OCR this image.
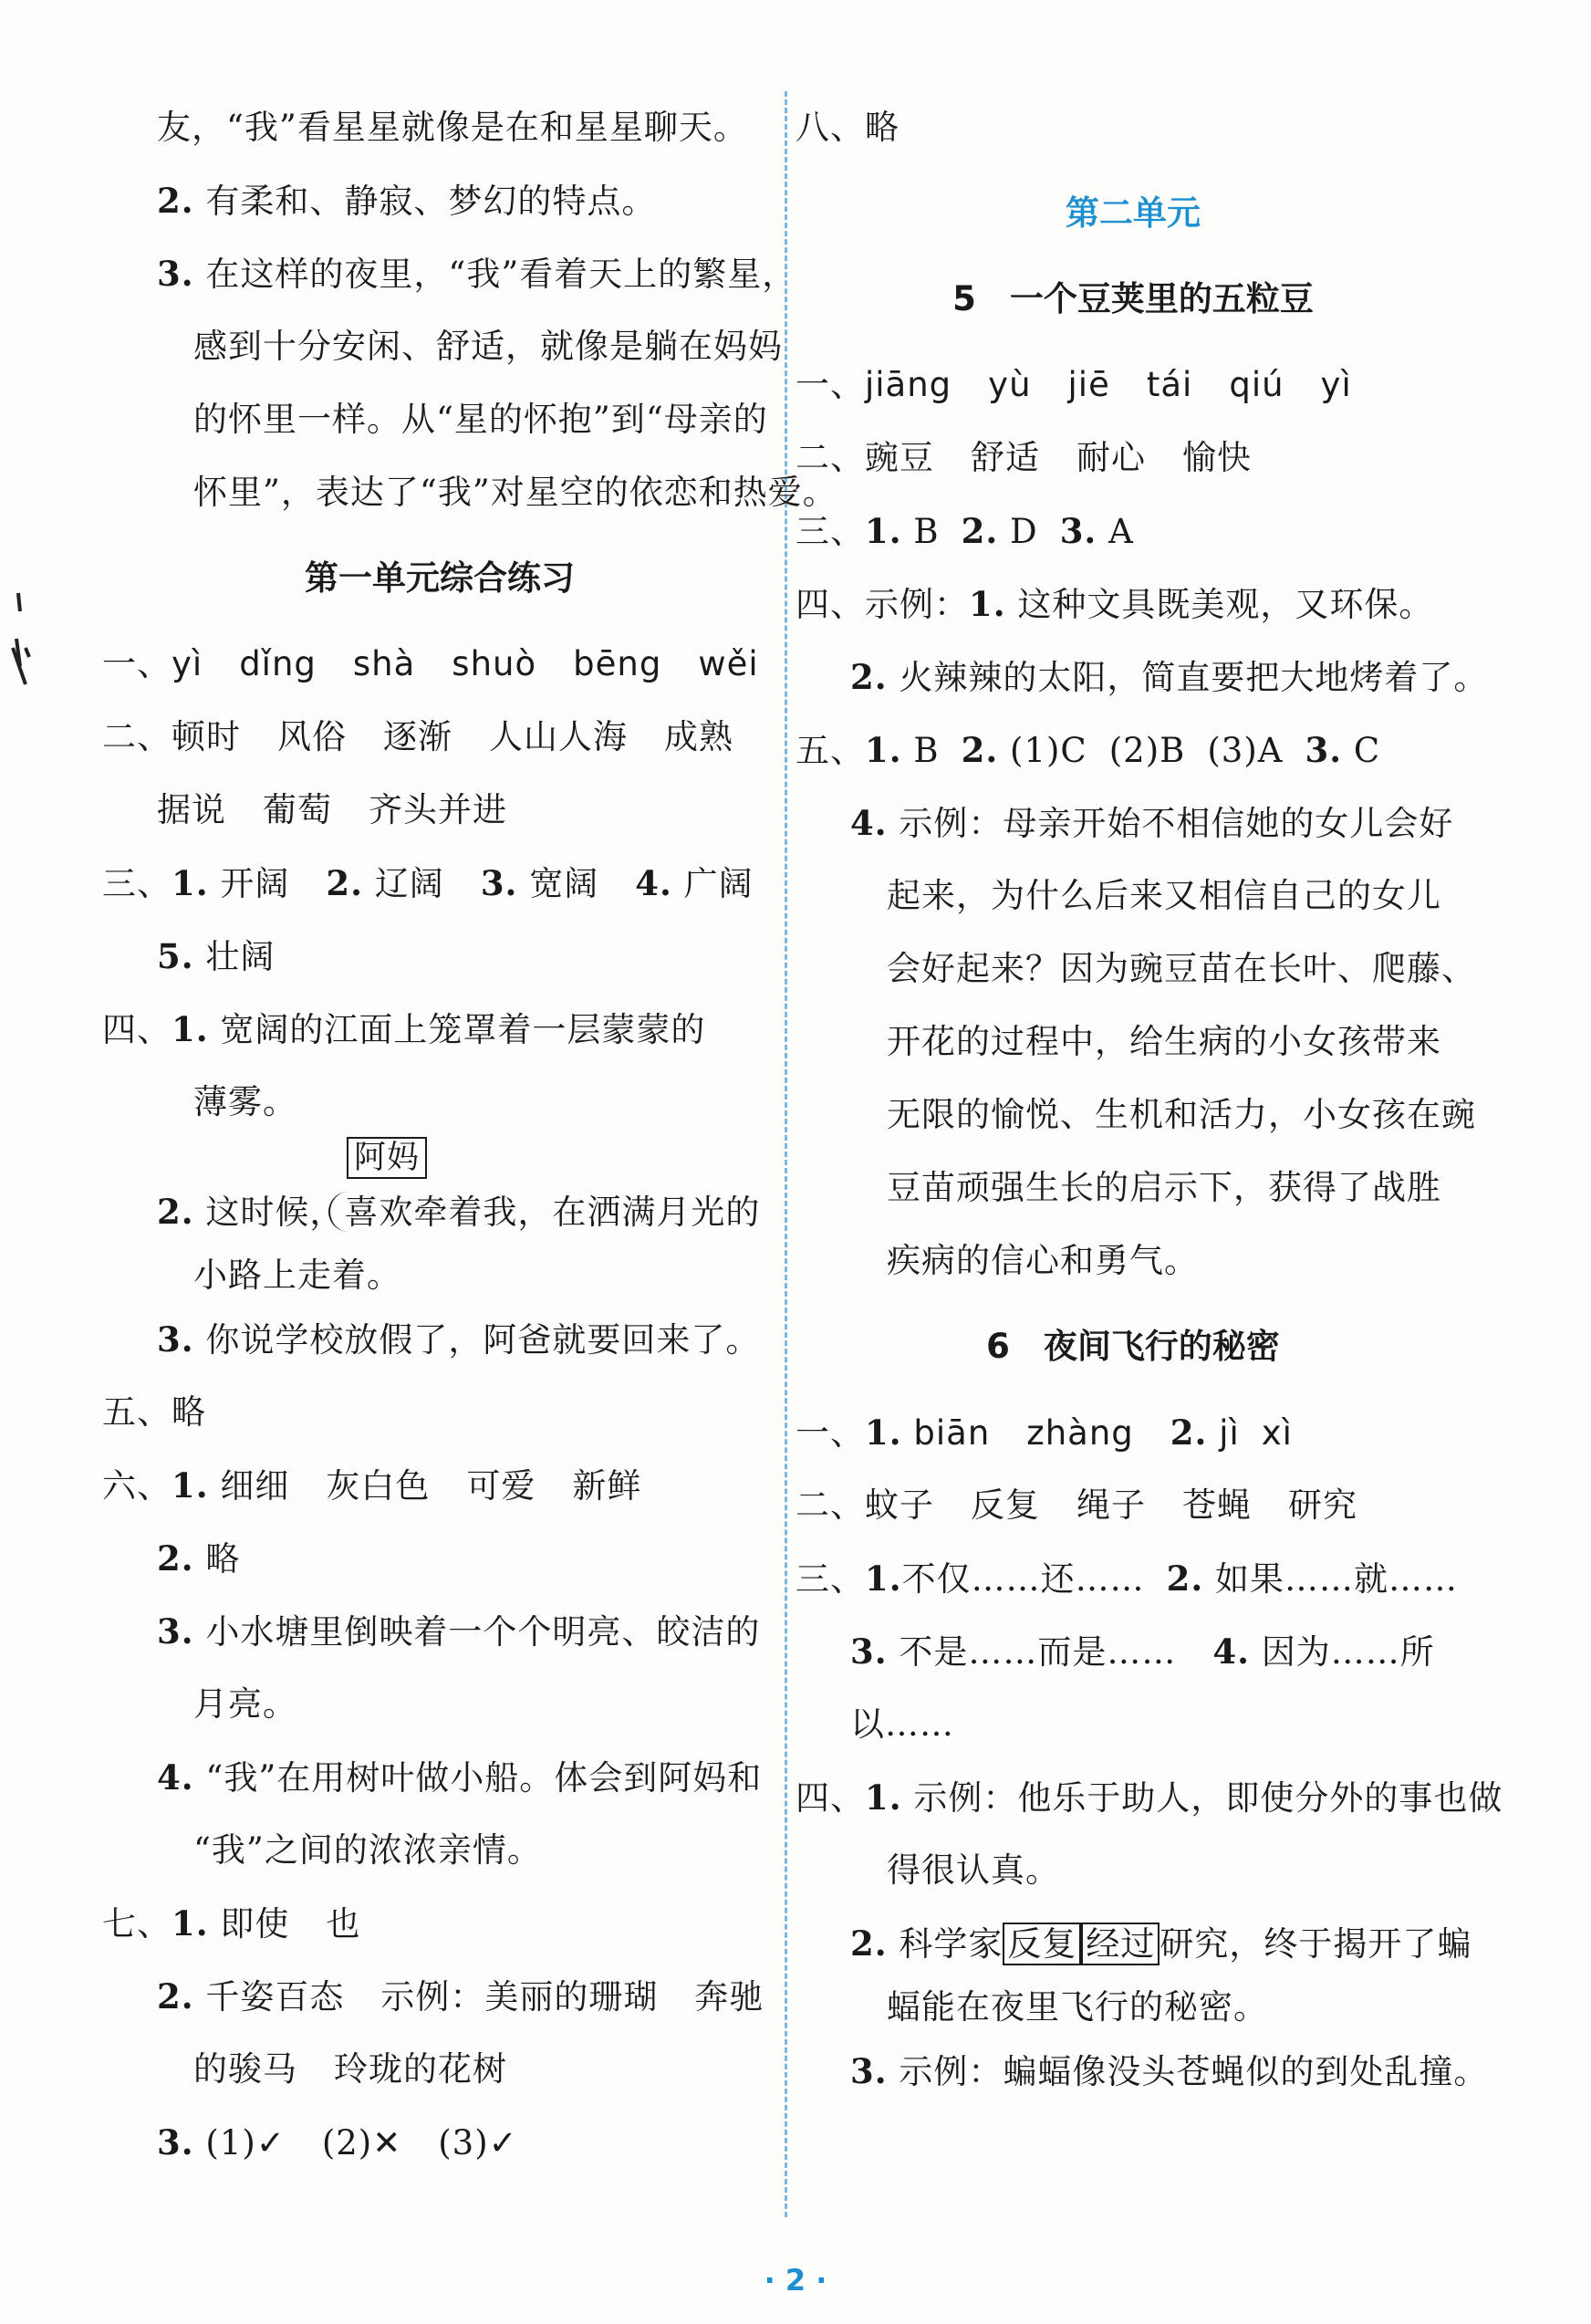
友，“我”看星星就像是在和星星聊天。
2. 有柔和、静寂、梦幻的特点。
3. 在这样的夜里，“我”看着天上的繁星，
感到十分安闲、舒适，就像是躺在妈妈
的怀里一样。从“星的怀抱”到“母亲的
怀里”，表达了“我”对星空的依恋和热爱。
第一单元综合练习
一、yì dǐng shà shuò bēng wěi
二、顿时 风俗 逐渐 人山人海 成熟
据说 葡萄 齐头并进
三、1. 开阔 2. 辽阔 3. 宽阔 4. 广阔
5. 壮阔
四、1. 宽阔的江面上笼罩着一层蒙蒙的
薄雾。
阿妈
2. 这时候，喜欢牵着我，在洒满月光的
小路上走着。
3. 你说学校放假了，阿爸就要回来了。
五、略
六、1. 细细 灰白色 可爱 新鲜
2. 略
3. 小水塘里倒映着一个个明亮、皎洁的
月亮。
4. “我”在用树叶做小船。体会到阿妈和
“我”之间的浓浓亲情。
七、1. 即使 也
2. 千姿百态 示例：美丽的珊瑚 奔驰
的骏马 玲珑的花树
3. (1)✓ (2)✕ (3)✓
八、略
第二单元
5　一个豆荚里的五粒豆
一、jiāng yù jiē tái qiú yì
二、豌豆 舒适 耐心 愉快
三、1. B 2. D 3. A
四、示例：1. 这种文具既美观，又环保。
2. 火辣辣的太阳，简直要把大地烤着了。
五、1. B 2. (1)C (2)B (3)A 3. C
4. 示例：母亲开始不相信她的女儿会好
起来，为什么后来又相信自己的女儿
会好起来？因为豌豆苗在长叶、爬藤、
开花的过程中，给生病的小女孩带来
无限的愉悦、生机和活力，小女孩在豌
豆苗顽强生长的启示下，获得了战胜
疾病的信心和勇气。
6　夜间飞行的秘密
一、1. biān zhàng 2. jì xì
二、蚊子 反复 绳子 苍蝇 研究
三、1.不仅……还…… 2. 如果……就……
3. 不是……而是…… 4. 因为……所
以……
四、1. 示例：他乐于助人，即使分外的事也做
得很认真。
2. 科学家 反复 经过 研究，终于揭开了蝙
蝠能在夜里飞行的秘密。
3. 示例：蝙蝠像没头苍蝇似的到处乱撞。
· 2 ·
